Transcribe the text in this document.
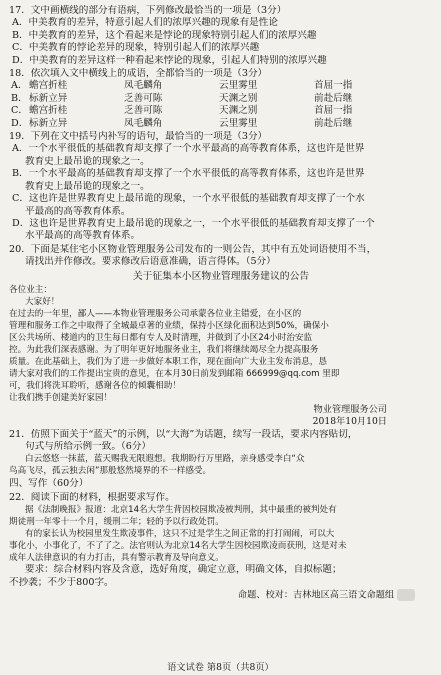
17．文中画横线的部分有语病，下列修改最恰当的一项是（3分）
A．中美教育的差异，特意引起人们的浓厚兴趣的现象有是性论
B．中美教育的差异，这个看起来是悖论的现象特别引起人们的浓厚兴趣
C．中美教育的悖论差异的现象，特别引起人们的浓厚兴趣
D．中美教育的差异这样一种看起来悖论的现象，引起人们特别的浓厚兴趣
18．依次填入文中横线上的成语，全都恰当的一项是（3分）
A． 蟾宫折桂	凤毛麟角	云里雾里	首屈一指
B． 标新立异	乏善可陈	天渊之别	前赴后继
C． 蟾宫折桂	乏善可陈	天渊之别	首屈一指
D． 标新立异	凤毛麟角	云里雾里	前赴后继
19．下列在文中括号内补写的语句，最恰当的一项是（3分）
A．一个水平很低的基础教育却支撑了一个水平最高的高等教育体系，这也许是世界
教育史上最吊诡的现象之一。
B．一个水平最高的基础教育却支撑了一个水平很低的高等教育体系，这也许是世界
教育史上最吊诡的现象之一。
C．这也许是世界教育史上最吊诡的现象，一个水平很低的基础教育却支撑了一个水
平最高的高等教育体系。
D．这也许是世界教育史上最吊诡的现象之一，一个水平很低的基础教育却支撑了一个
水平最高的高等教育体系。
20．下面是某住宅小区物业管理服务公司发布的一则公告，其中有五处词语使用不当，
请找出并作修改。要求修改后语意准确，语言得体。（5分）
关于征集本小区物业管理服务建议的公告
各位业主：
大家好！
在过去的一年里，鄙人——本物业管理服务公司承蒙各位业主错爱，在小区的
管理和服务工作之中取得了全城最卓著的业绩，保持小区绿化面积达到50%，确保小
区公共场所、楼道内的卫生每日都有专人及时清理，并做到了小区24小时治安监
控。为此我们深表感谢。为了明年更好地服务业主，我们将继续竭尽全力提高服务
质量。在此基础上，我们为了进一步做好本职工作，现在面向广大业主发布消息，恳
请大家对我们的工作提出宝贵的意见，在本月30日前发到邮箱 666999@qq.com 里即
可，我们将洗耳聆听，感谢各位的倾囊相助！
让我们携手创建美好家园！
物业管理服务公司
2018年10月10日
21．仿照下面关于“蓝天”的示例，以“大海”为话题，续写一段话，要求内容贴切，
句式与所给示例一致。（6分）
白云悠悠一抹蓝，蓝天赐我无限遐想。我期盼行万里路，亲身感受李白“众
鸟高飞尽，孤云独去闲”那般悠然境界的不一样感受。
四、写作（60分）
22．阅读下面的材料，根据要求写作。
据《法制晚报》报道：北京14名大学生背因校园欺凌被判刑，其中最重的被判处有
期徒刑一年零十一个月，缓刑二年；轻的予以行政处罚。
有的家长认为校园里发生欺凌事件，这只不过是学生之间正常的打打闹闹，可以大
事化小，小事化了，不了了之。法官则认为北京14名大学生因校园欺凌而获刑，这是对未
成年人法律意识的有力打击，具有警示教育及导向意义。
要求：综合材料内容及含意，选好角度，确定立意，明确文体，自拟标题；
不抄袭；不少于800字。
命题、校对：吉林地区高三语文命题组
语文试卷 第8页（共8页）
